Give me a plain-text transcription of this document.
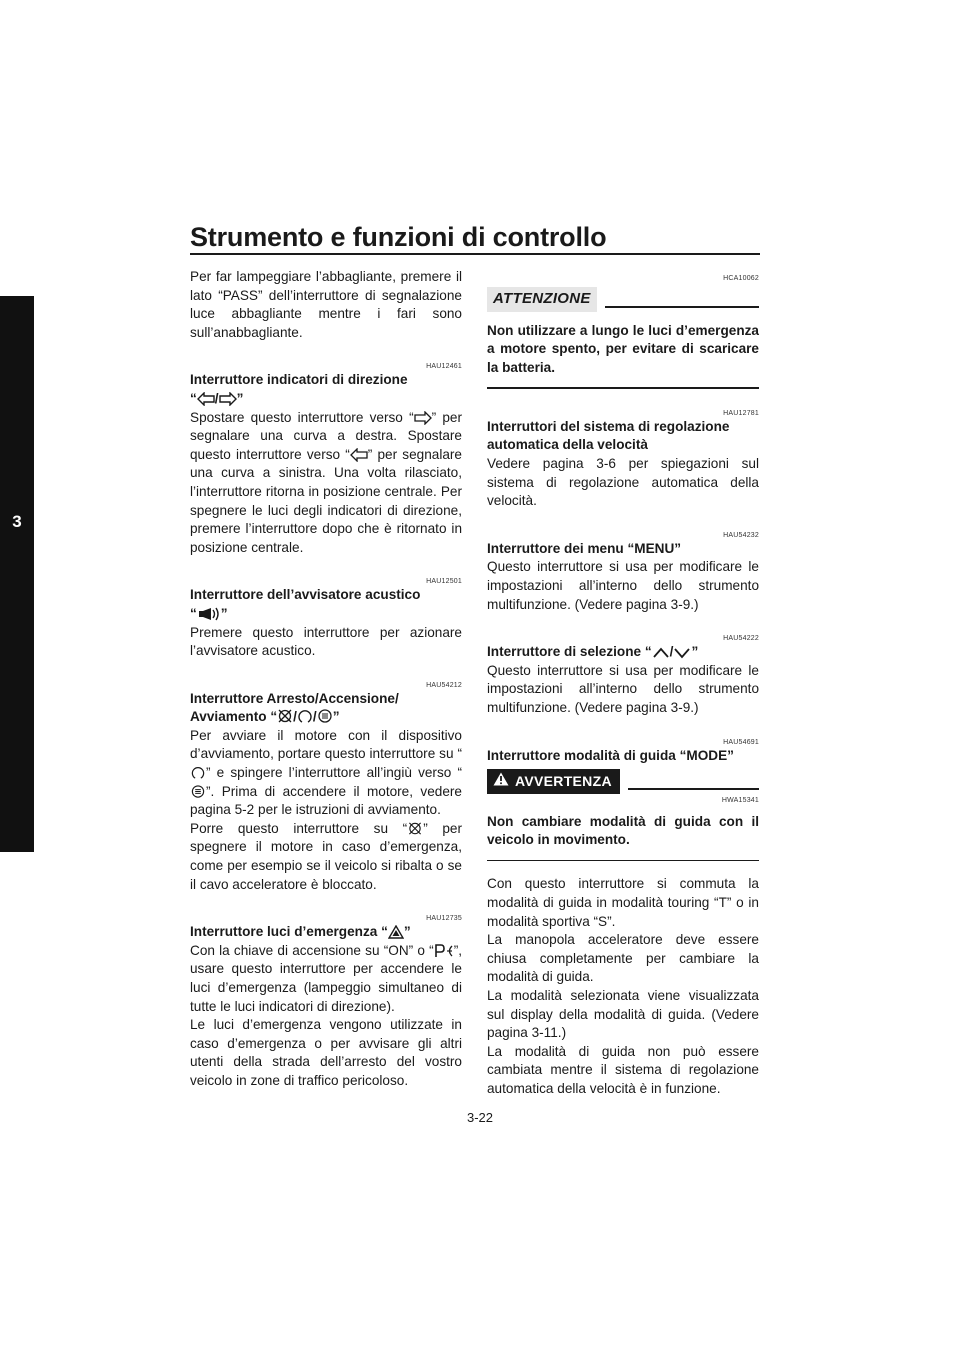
Strumento e funzioni di controllo
3

Per far lampeggiare l’abbagliante, premere il lato “PASS” dell’interruttore di segnalazione luce abbagliante mentre i fari sono sull’anabbagliante.

HAU12461

Interruttore indicatori di direzione
“ / ”

Spostare questo interruttore verso “ ” per segnalare una curva a destra. Spostare questo interruttore verso “ ” per segnalare una curva a sinistra. Una volta rilasciato, l’interruttore ritorna in posizione centrale. Per spegnere le luci degli indicatori di direzione, premere l’interruttore dopo che è ritornato in posizione centrale.

HAU12501

Interruttore dell’avvisatore acustico
“ ”

Premere questo interruttore per azionare l’avvisatore acustico.

HAU54212

Interruttore Arresto/Accensione/
Avviamento “ / / ”

Per avviare il motore con il dispositivo d’avviamento, portare questo interruttore su “
” e spingere l’interruttore all’ingiù verso “
”. Prima di accendere il motore, vedere pagina 5-2 per le istruzioni di avviamento.

Porre questo interruttore su “ ” per spegnere il motore in caso d’emergenza, come per esempio se il veicolo si ribalta o se il cavo acceleratore è bloccato.

HAU12735

Interruttore luci d’emergenza “ ”

Con la chiave di accensione su “ON” o “ ”, usare questo interruttore per accendere le luci d’emergenza (lampeggio simultaneo di tutte le luci indicatori di direzione).

Le luci d’emergenza vengono utilizzate in caso d’emergenza o per avvisare gli altri utenti della strada dell’arresto del vostro veicolo in zone di traffico pericoloso.

HCA10062

ATTENZIONE

Non utilizzare a lungo le luci d’emergenza a motore spento, per evitare di scaricare la batteria.

HAU12781

Interruttori del sistema di regolazione automatica della velocità

Vedere pagina 3-6 per spiegazioni sul sistema di regolazione automatica della velocità.

HAU54232

Interruttore dei menu “MENU”

Questo interruttore si usa per modificare le impostazioni all’interno dello strumento multifunzione. (Vedere pagina 3-9.)

HAU54222

Interruttore di selezione “ / ”

Questo interruttore si usa per modificare le impostazioni all’interno dello strumento multifunzione. (Vedere pagina 3-9.)

HAU54691

Interruttore modalità di guida “MODE”

AVVERTENZA

HWA15341

Non cambiare modalità di guida con il veicolo in movimento.

Con questo interruttore si commuta la modalità di guida in modalità touring “T” o in modalità sportiva “S”.

La manopola acceleratore deve essere chiusa completamente per cambiare la modalità di guida.

La modalità selezionata viene visualizzata sul display della modalità di guida. (Vedere pagina 3-11.)

La modalità di guida non può essere cambiata mentre il sistema di regolazione automatica della velocità è in funzione.

3-22
